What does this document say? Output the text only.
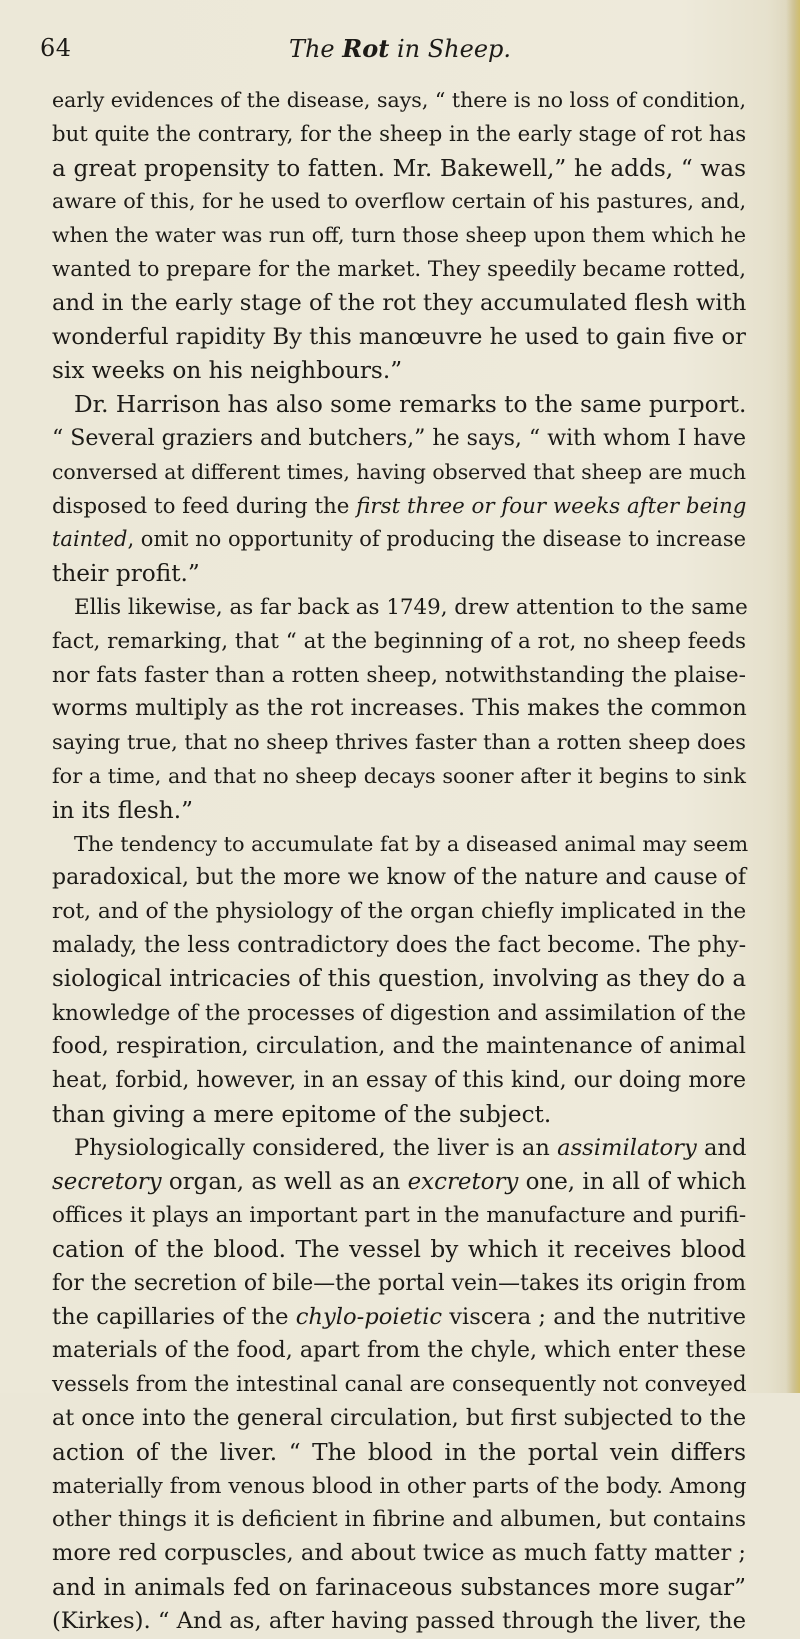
64	The Rot in Sheep.
early evidences of the disease, says, “ there is no loss of condition,
but quite the contrary, for the sheep in the early stage of rot has
a great propensity to fatten. Mr. Bakewell,” he adds, “ was
aware of this, for he used to overflow certain of his pastures, and,
when the water was run off, turn those sheep upon them which he
wanted to prepare for the market. They speedily became rotted,
and in the early stage of the rot they accumulated flesh with
wonderful rapidity By this manœuvre he used to gain five or
six weeks on his neighbours.”
Dr. Harrison has also some remarks to the same purport.
“ Several graziers and butchers,” he says, “ with whom I have
conversed at different times, having observed that sheep are much
disposed to feed during the first three or four weeks after being
tainted, omit no opportunity of producing the disease to increase
their profit.”
Ellis likewise, as far back as 1749, drew attention to the same
fact, remarking, that “ at the beginning of a rot, no sheep feeds
nor fats faster than a rotten sheep, notwithstanding the plaise-
worms multiply as the rot increases. This makes the common
saying true, that no sheep thrives faster than a rotten sheep does
for a time, and that no sheep decays sooner after it begins to sink
in its flesh.”
The tendency to accumulate fat by a diseased animal may seem
paradoxical, but the more we know of the nature and cause of
rot, and of the physiology of the organ chiefly implicated in the
malady, the less contradictory does the fact become. The phy-
siological intricacies of this question, involving as they do a
knowledge of the processes of digestion and assimilation of the
food, respiration, circulation, and the maintenance of animal
heat, forbid, however, in an essay of this kind, our doing more
than giving a mere epitome of the subject.
Physiologically considered, the liver is an assimilatory and
secretory organ, as well as an excretory one, in all of which
offices it plays an important part in the manufacture and purifi-
cation of the blood. The vessel by which it receives blood
for the secretion of bile—the portal vein—takes its origin from
the capillaries of the chylo-poietic viscera ; and the nutritive
materials of the food, apart from the chyle, which enter these
vessels from the intestinal canal are consequently not conveyed
at once into the general circulation, but first subjected to the
action of the liver. “ The blood in the portal vein differs
materially from venous blood in other parts of the body. Among
other things it is deficient in fibrine and albumen, but contains
more red corpuscles, and about twice as much fatty matter ;
and in animals fed on farinaceous substances more sugar”
(Kirkes). “ And as, after having passed through the liver, the
